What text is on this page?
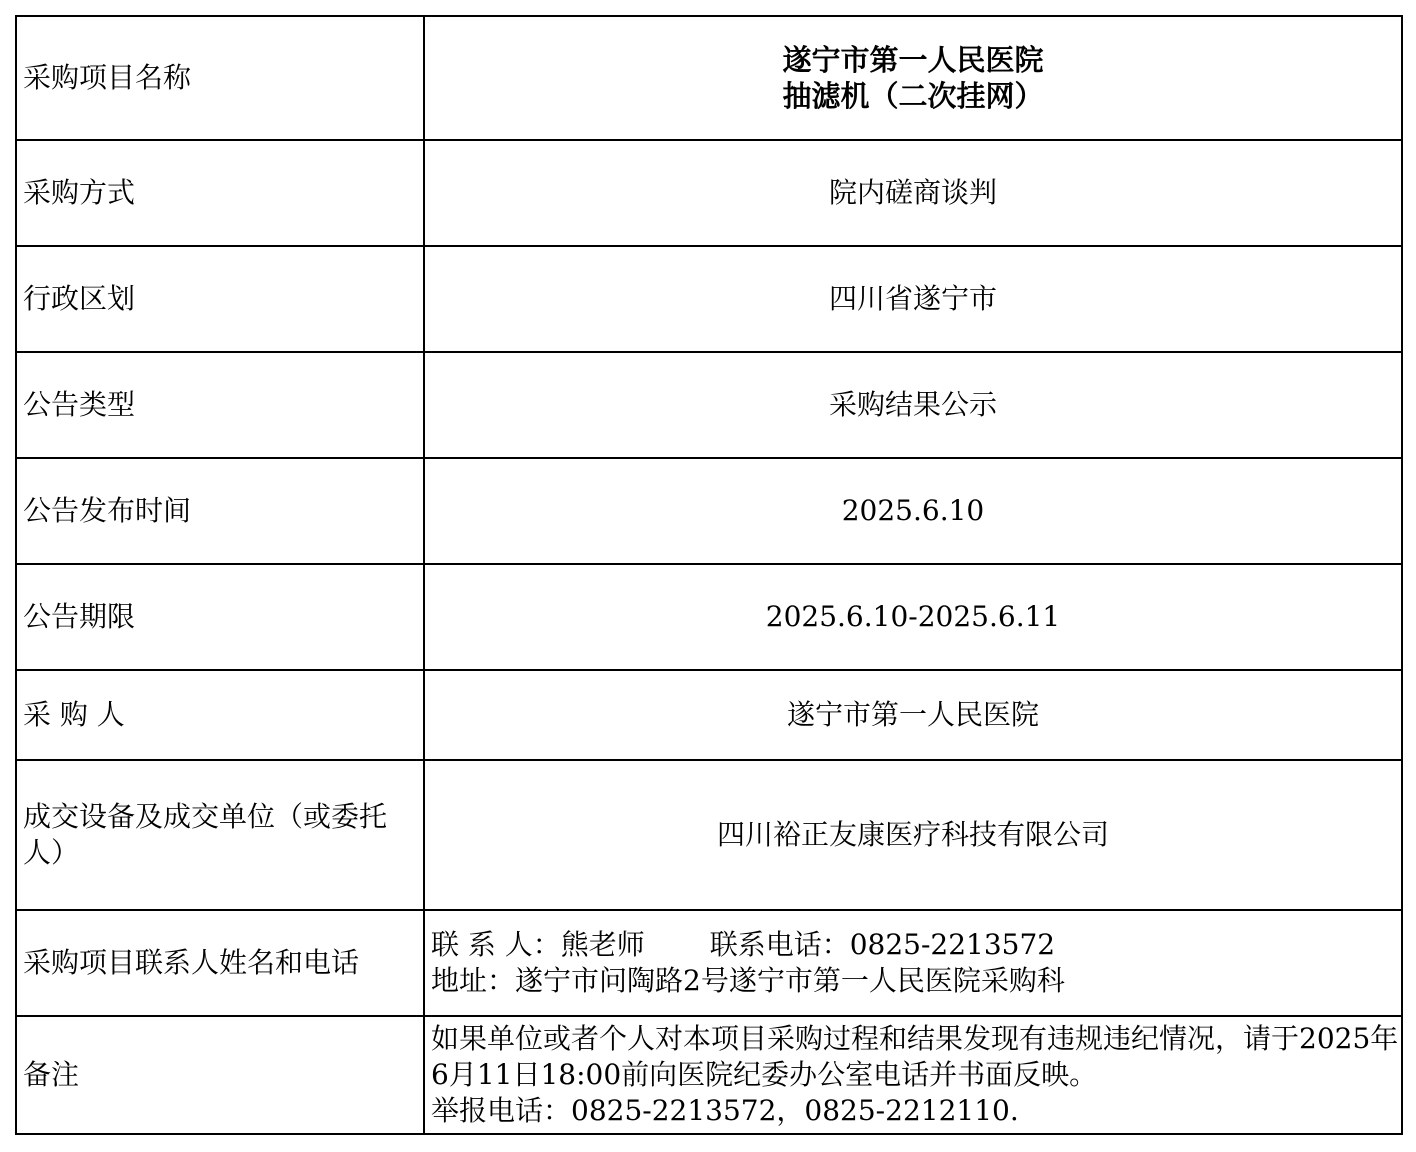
采购项目名称	遂宁市第一人民医院
抽滤机（二次挂网）

采购方式	院内磋商谈判
行政区划	四川省遂宁市
公告类型	采购结果公示
公告发布时间	2025.6.10
公告期限	2025.6.10-2025.6.11
采 购 人	遂宁市第一人民医院
成交设备及成交单位（或委托人）	四川裕正友康医疗科技有限公司
采购项目联系人姓名和电话	联 系 人：熊老师　　 联系电话：0825-2213572
地址：遂宁市问陶路2号遂宁市第一人民医院采购科

备注	如果单位或者个人对本项目采购过程和结果发现有违规违纪情况，请于2025年6月11日18:00前向医院纪委办公室电话并书面反映。
举报电话：0825-2213572，0825-2212110.
